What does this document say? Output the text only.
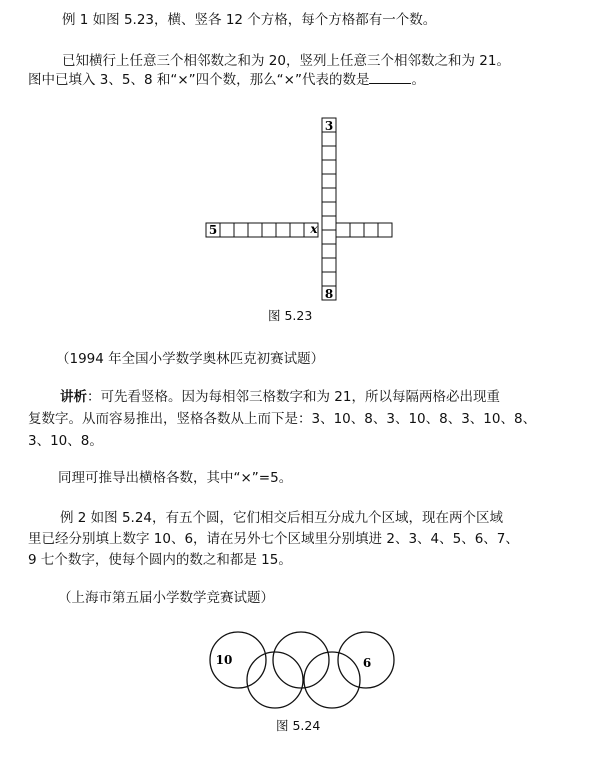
例 1 如图 5.23，横、竖各 12 个方格，每个方格都有一个数。
已知横行上任意三个相邻数之和为 20，竖列上任意三个相邻数之和为 21。
图中已填入 3、5、8 和“×”四个数，那么“×”代表的数是	。
3
5	x
8
图 5.23
（1994 年全国小学数学奥林匹克初赛试题）
讲析：可先看竖格。因为每相邻三格数字和为 21，所以每隔两格必出现重
复数字。从而容易推出，竖格各数从上而下是：3、10、8、3、10、8、3、10、8、
3、10、8。
同理可推导出横格各数，其中“×”=5。
例 2 如图 5.24，有五个圆，它们相交后相互分成九个区域，现在两个区域
里已经分别填上数字 10、6，请在另外七个区域里分别填进 2、3、4、5、6、7、
9 七个数字，使每个圆内的数之和都是 15。
（上海市第五届小学数学竞赛试题）
10	6
图 5.24
